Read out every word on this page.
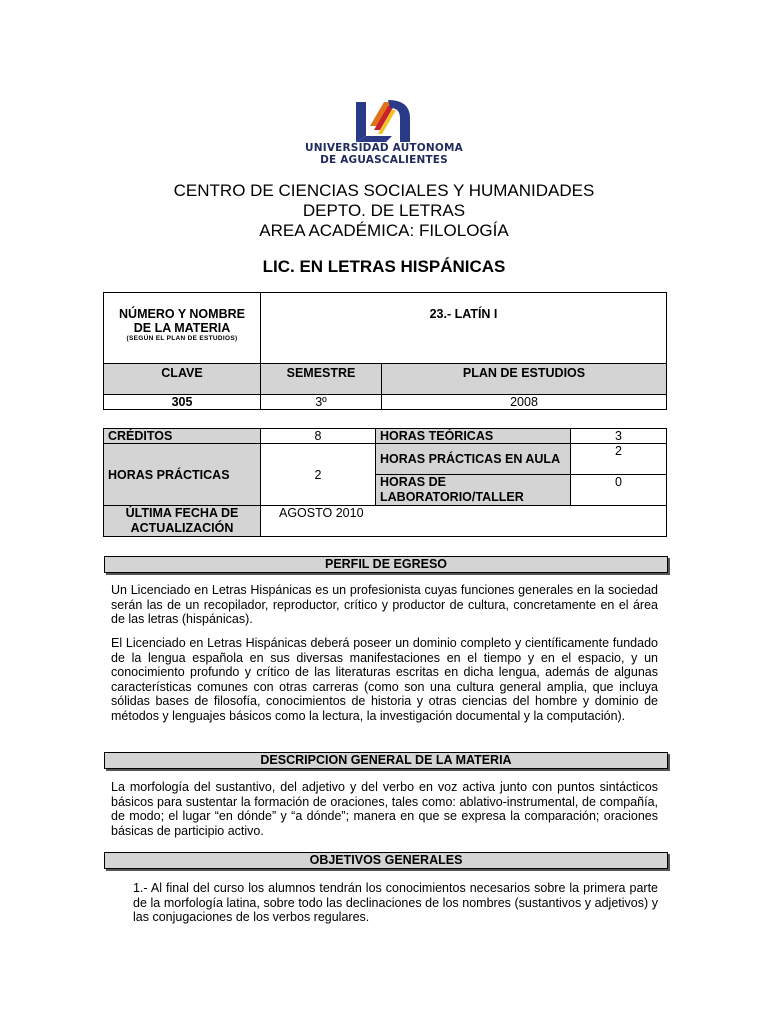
UNIVERSIDAD AUTONOMA
DE AGUASCALIENTES
CENTRO DE CIENCIAS SOCIALES Y HUMANIDADES
DEPTO. DE LETRAS
AREA ACADÉMICA: FILOLOGÍA
LIC. EN LETRAS HISPÁNICAS
NÚMERO Y NOMBRE
DE LA MATERIA
(SEGÚN EL PLAN DE ESTUDIOS)	23.- LATÍN I	
CLAVE	SEMESTRE	PLAN DE ESTUDIOS
305	3º	2008
CRÉDITOS	8	HORAS TEÓRICAS	3
HORAS PRÁCTICAS	2	HORAS PRÁCTICAS EN AULA	2
		HORAS DE LABORATORIO/TALLER	0

ÚLTIMA FECHA DE
ACTUALIZACIÓN	AGOSTO 2010		
PERFIL DE EGRESO
Un Licenciado en Letras Hispánicas es un profesionista cuyas funciones generales en la sociedad serán las de un recopilador, reproductor, crítico y productor de cultura, concretamente en el área de las letras (hispánicas).
El Licenciado en Letras Hispánicas deberá poseer un dominio completo y científicamente fundado de la lengua española en sus diversas manifestaciones en el tiempo y en el espacio, y un conocimiento profundo y crítico de las literaturas escritas en dicha lengua, además de algunas características comunes con otras carreras (como son una cultura general amplia, que incluya sólidas bases de filosofía, conocimientos de historia y otras ciencias del hombre y dominio de métodos y lenguajes básicos como la lectura, la investigación documental y la computación).
DESCRIPCION GENERAL DE LA MATERIA
La morfología del sustantivo, del adjetivo y del verbo en voz activa junto con puntos sintácticos básicos para sustentar la formación de oraciones, tales como: ablativo-instrumental, de compañía, de modo; el lugar “en dónde” y “a dónde”; manera en que se expresa la comparación; oraciones básicas de participio activo.
OBJETIVOS GENERALES
1.- Al final del curso los alumnos tendrán los conocimientos necesarios sobre la primera parte de la morfología latina, sobre todo las declinaciones de los nombres (sustantivos y adjetivos) y las conjugaciones de los verbos regulares.
